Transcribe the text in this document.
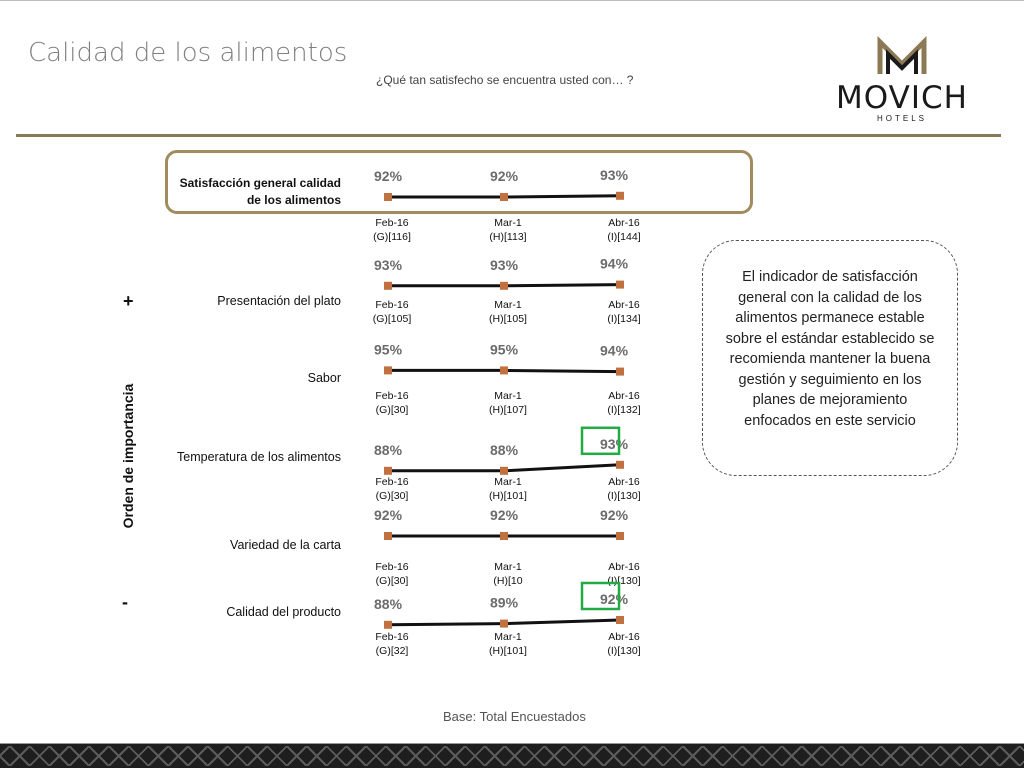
Calidad de los alimentos
¿Qué tan satisfecho se encuentra usted con… ?	MOVICH
HOTELS
Orden de importancia
+
-
Satisfacción general calidad de los alimentos
Presentación del plato
Sabor
Temperatura de los alimentos
Variedad de la carta
Calidad del producto
92%
Feb-16
(G)[116]
92%
Mar-1
(H)[113]
93%
Abr-16
(I)[144]
93%
Feb-16
(G)[105]
93%
Mar-1
(H)[105]
94%
Abr-16
(I)[134]
95%
Feb-16
(G)[30]
95%
Mar-1
(H)[107]
94%
Abr-16
(I)[132]
88%
Feb-16
(G)[30]
88%
Mar-1
(H)[101]
93%
Abr-16
(I)[130]
92%
Feb-16
(G)[30]
92%
Mar-1
(H)[10
92%
Abr-16
(I)[130]
88%
Feb-16
(G)[32]
89%
Mar-1
(H)[101]
92%
Abr-16
(I)[130]
El indicador de satisfacción general con la calidad de los alimentos permanece estable sobre el estándar establecido se recomienda mantener la buena gestión y seguimiento en los planes de mejoramiento enfocados en este servicio
Base: Total Encuestados
